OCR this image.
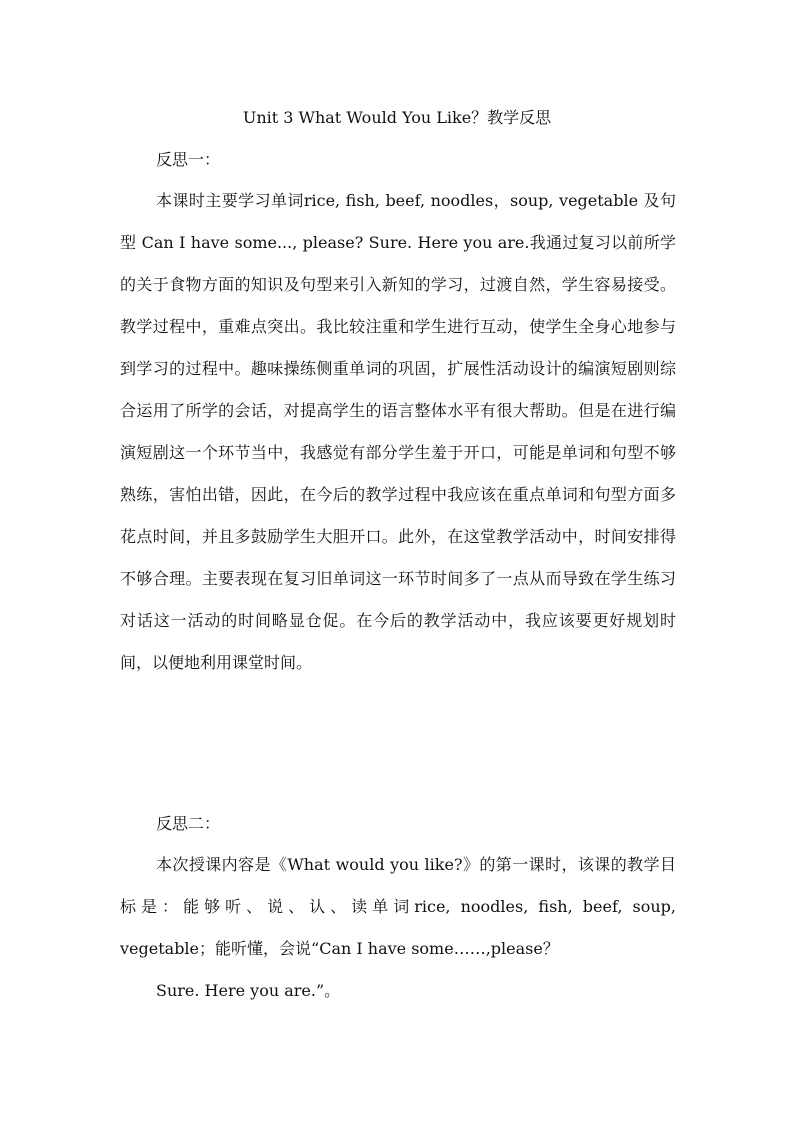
Unit 3 What Would You Like？教学反思
反思一：

本课时主要学习单词rice, fish, beef, noodles，soup, vegetable 及句型 Can I have some..., please? Sure. Here you are.我通过复习以前所学的关于食物方面的知识及句型来引入新知的学习，过渡自然，学生容易接受。教学过程中，重难点突出。我比较注重和学生进行互动，使学生全身心地参与到学习的过程中。趣味操练侧重单词的巩固，扩展性活动设计的编演短剧则综合运用了所学的会话，对提高学生的语言整体水平有很大帮助。但是在进行编演短剧这一个环节当中，我感觉有部分学生羞于开口，可能是单词和句型不够熟练，害怕出错，因此，在今后的教学过程中我应该在重点单词和句型方面多花点时间，并且多鼓励学生大胆开口。此外，在这堂教学活动中，时间安排得不够合理。主要表现在复习旧单词这一环节时间多了一点从而导致在学生练习对话这一活动的时间略显仓促。在今后的教学活动中，我应该要更好规划时间，以便地利用课堂时间。

反思二：

本次授课内容是《What would you like?》的第一课时，该课的教学目标是：能够听、说、认、读单词rice, noodles, fish, beef, soup, vegetable；能听懂，会说“Can I have some……,please？

Sure. Here you are.”。
